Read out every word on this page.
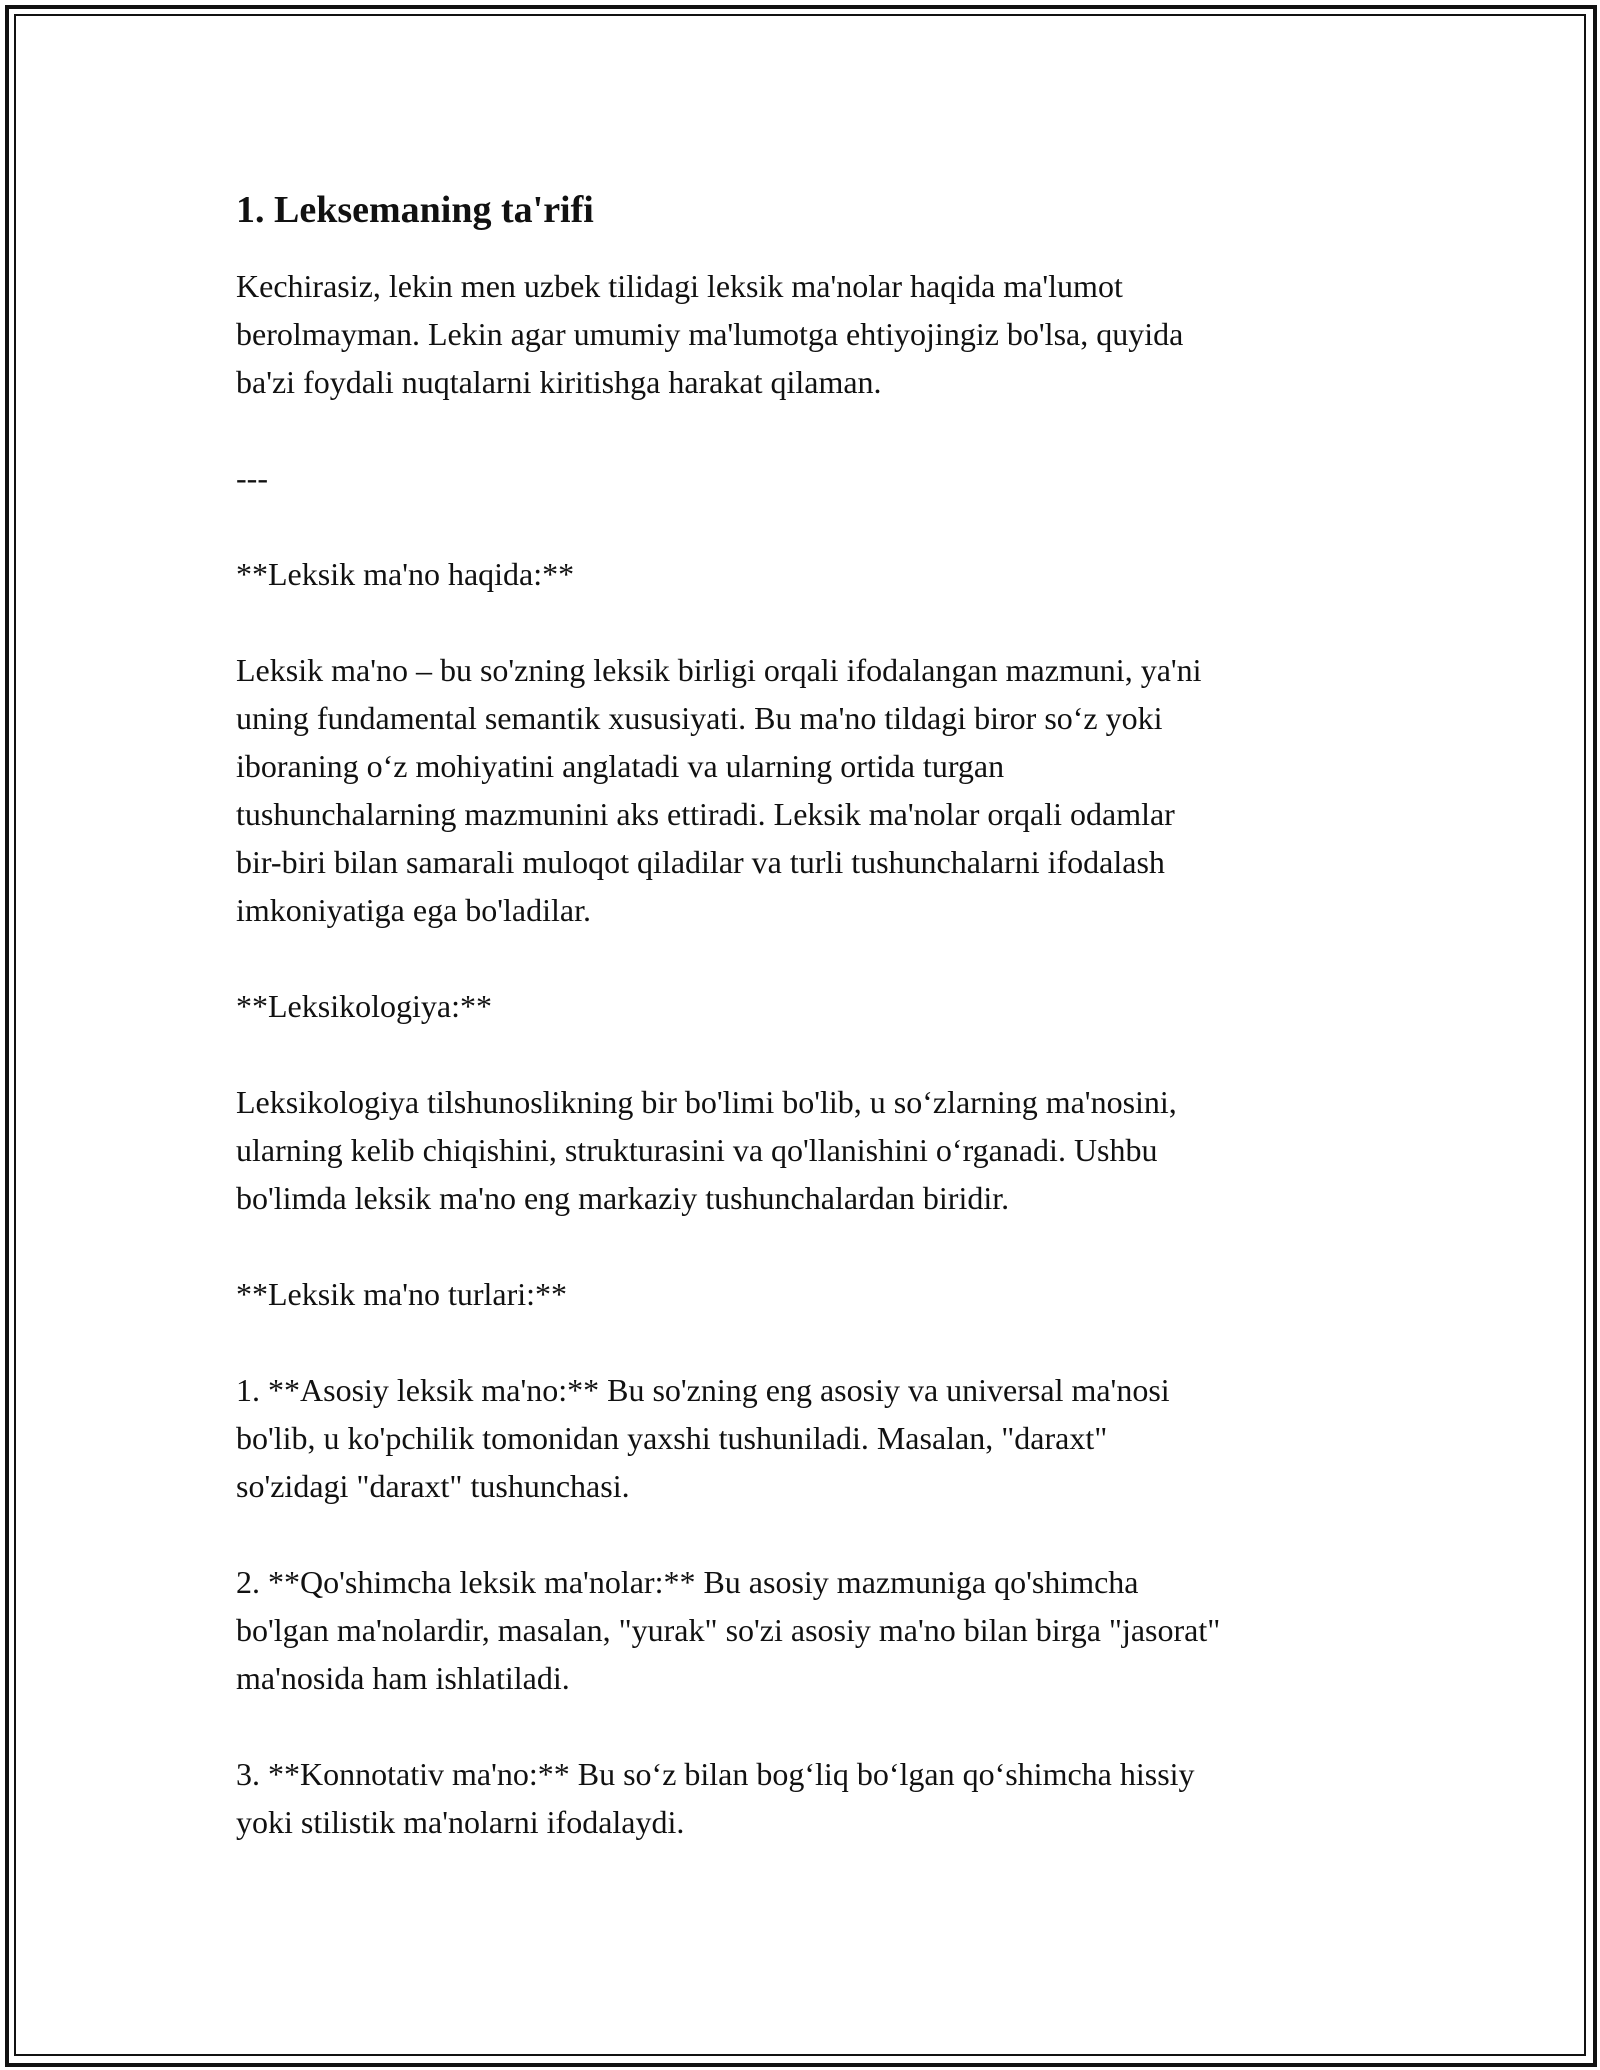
1. Leksemaning ta'rifi

Kechirasiz, lekin men uzbek tilidagi leksik ma'nolar haqida ma'lumot
berolmayman. Lekin agar umumiy ma'lumotga ehtiyojingiz bo'lsa, quyida
ba'zi foydali nuqtalarni kiritishga harakat qilaman.

---

**Leksik ma'no haqida:**

Leksik ma'no – bu so'zning leksik birligi orqali ifodalangan mazmuni, ya'ni
uning fundamental semantik xususiyati. Bu ma'no tildagi biror so‘z yoki
iboraning o‘z mohiyatini anglatadi va ularning ortida turgan
tushunchalarning mazmunini aks ettiradi. Leksik ma'nolar orqali odamlar
bir-biri bilan samarali muloqot qiladilar va turli tushunchalarni ifodalash
imkoniyatiga ega bo'ladilar.

**Leksikologiya:**

Leksikologiya tilshunoslikning bir bo'limi bo'lib, u so‘zlarning ma'nosini,
ularning kelib chiqishini, strukturasini va qo'llanishini o‘rganadi. Ushbu
bo'limda leksik ma'no eng markaziy tushunchalardan biridir.

**Leksik ma'no turlari:**

1. **Asosiy leksik ma'no:** Bu so'zning eng asosiy va universal ma'nosi
bo'lib, u ko'pchilik tomonidan yaxshi tushuniladi. Masalan, "daraxt"
so'zidagi "daraxt" tushunchasi.

2. **Qo'shimcha leksik ma'nolar:** Bu asosiy mazmuniga qo'shimcha
bo'lgan ma'nolardir, masalan, "yurak" so'zi asosiy ma'no bilan birga "jasorat"
ma'nosida ham ishlatiladi.

3. **Konnotativ ma'no:** Bu so‘z bilan bog‘liq bo‘lgan qo‘shimcha hissiy
yoki stilistik ma'nolarni ifodalaydi.
